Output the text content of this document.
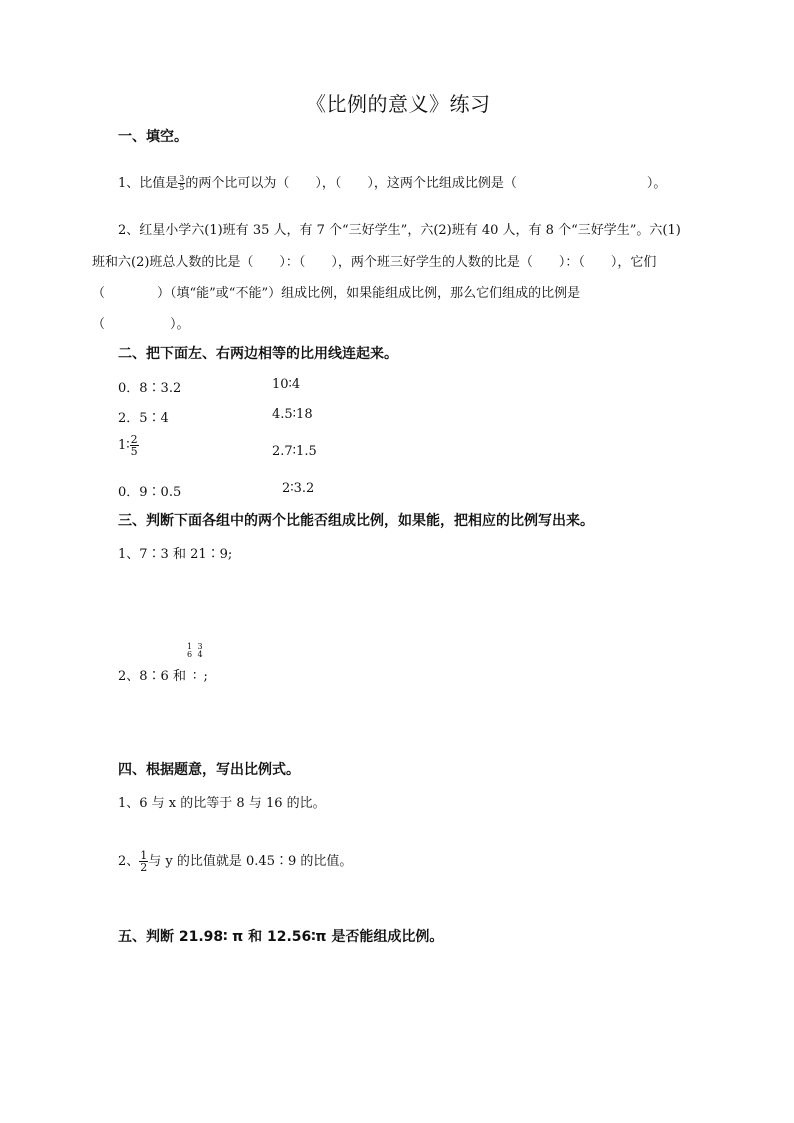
《比例的意义》练习
一、填空。
1、比值是 $\frac{3}{5}$ 的两个比可以为（　　），（　　），这两个比组成比例是（　　　　　　　　　　）。
2、红星小学六(1)班有 35 人，有 7 个“三好学生”，六(2)班有 40 人，有 8 个“三好学生”。六(1)
班和六(2)班总人数的比是（　　）：（　　），两个班三好学生的人数的比是（　　）：（　　），它们
（　　　　）（填“能”或“不能”）组成比例，如果能组成比例，那么它们组成的比例是
（　　　　　）。
二、把下面左、右两边相等的比用线连起来。
0．8∶3.2	10∶4
2．5∶4	4.5∶18
1∶ $\frac{2}{5}$	2.7∶1.5
0．9∶0.5	2∶3.2
三、判断下面各组中的两个比能否组成比例，如果能，把相应的比例写出来。
1、7∶3 和 21∶9;
2、8∶6 和
1
6
∶
3
4
;
四、根据题意，写出比例式。
1、6 与 x 的比等于 8 与 16 的比。
2、 $\frac{1}{2}$ 与 y 的比值就是 0.45∶9 的比值。
五、判断 21.98∶ π 和 12.56∶π 是否能组成比例。
